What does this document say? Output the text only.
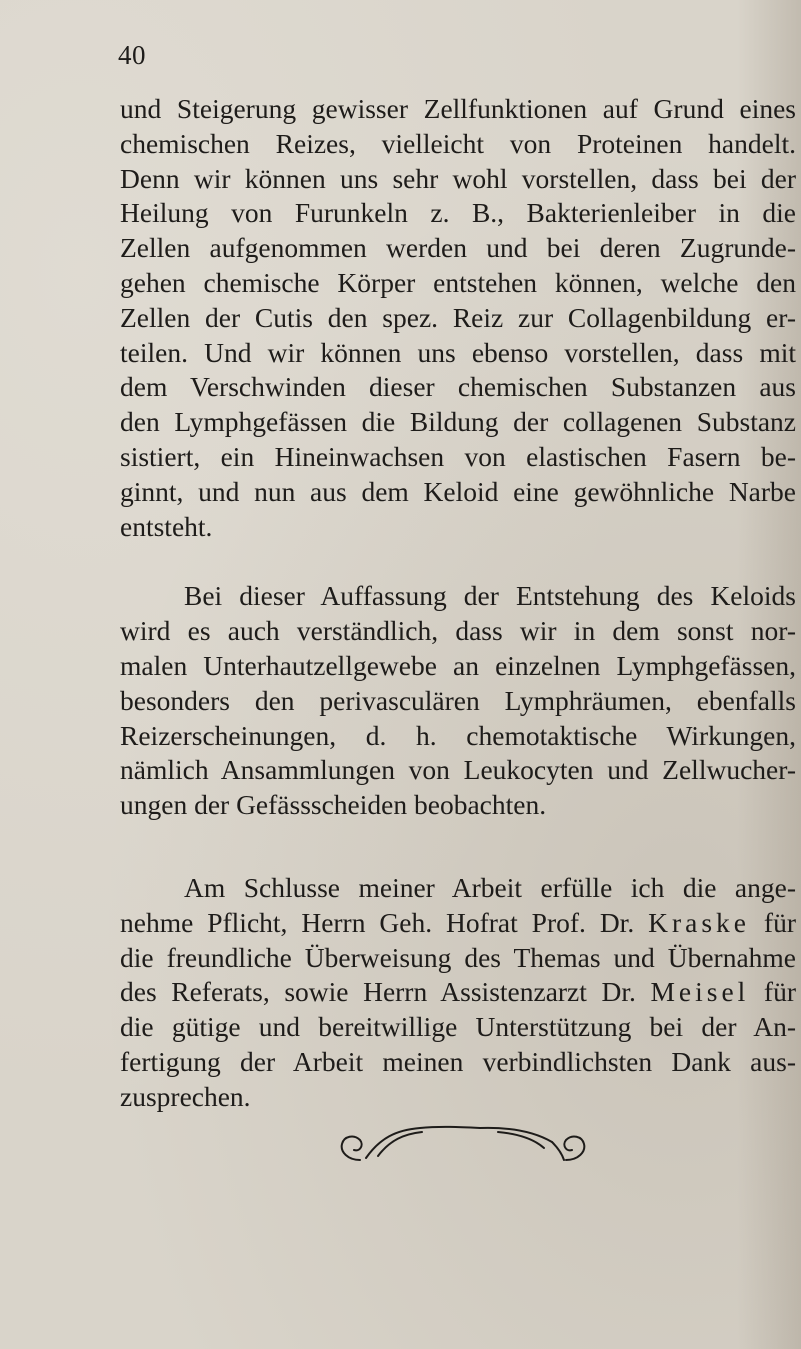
40
und Steigerung gewisser Zellfunktionen auf Grund eines
chemischen Reizes, vielleicht von Proteinen handelt.
Denn wir können uns sehr wohl vorstellen, dass bei der
Heilung von Furunkeln z. B., Bakterienleiber in die
Zellen aufgenommen werden und bei deren Zugrunde-
gehen chemische Körper entstehen können, welche den
Zellen der Cutis den spez. Reiz zur Collagenbildung er-
teilen. Und wir können uns ebenso vorstellen, dass mit
dem Verschwinden dieser chemischen Substanzen aus
den Lymphgefässen die Bildung der collagenen Substanz
sistiert, ein Hineinwachsen von elastischen Fasern be-
ginnt, und nun aus dem Keloid eine gewöhnliche Narbe
entsteht.
Bei dieser Auffassung der Entstehung des Keloids
wird es auch verständlich, dass wir in dem sonst nor-
malen Unterhautzellgewebe an einzelnen Lymphgefässen,
besonders den perivasculären Lymphräumen, ebenfalls
Reizerscheinungen, d. h. chemotaktische Wirkungen,
nämlich Ansammlungen von Leukocyten und Zellwucher-
ungen der Gefässscheiden beobachten.
Am Schlusse meiner Arbeit erfülle ich die ange-
nehme Pflicht, Herrn Geh. Hofrat Prof. Dr. Kraske für
die freundliche Überweisung des Themas und Übernahme
des Referats, sowie Herrn Assistenzarzt Dr. Meisel für
die gütige und bereitwillige Unterstützung bei der An-
fertigung der Arbeit meinen verbindlichsten Dank aus-
zusprechen.
